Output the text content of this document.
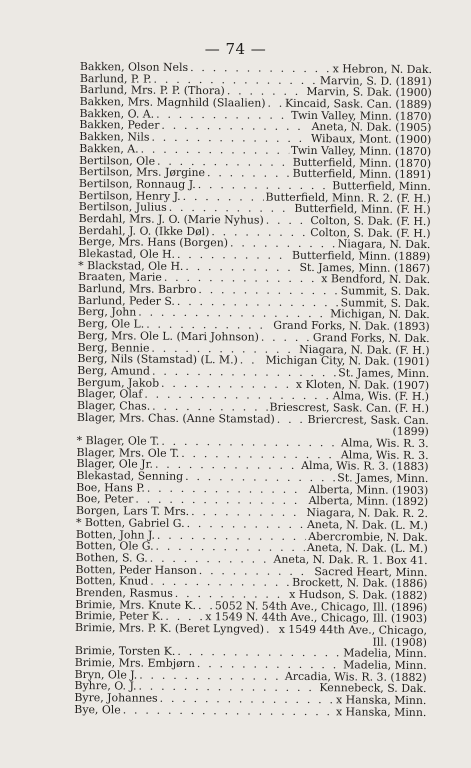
— 74 —
Bakken, Olson Nels . . .	x Hebron, N. Dak.
Barlund, P. P. . . .	Marvin, S. D. (1891)
Barlund, Mrs. P. P. (Thora) . . .	Marvin, S. Dak. (1900)
Bakken, Mrs. Magnhild (Slaalien) . . . Kincaid, Sask. Can. (1889)
Bakken, O. A. . . .	Twin Valley, Minn. (1870)
Bakken, Peder . . .	Aneta, N. Dak. (1905)
Bakken, Nils . . .	Wibaux, Mont. (1900)
Bakken, A. . . .	Twin Valley, Minn. (1870)
Bertilson, Ole . . .	Butterfield, Minn. (1870)
Bertilson, Mrs. Jørgine . . .	Butterfield, Minn. (1891)
Bertilson, Ronnaug J. . . .	Butterfield, Minn.
Bertilson, Henry J. . . .	Butterfield, Minn. R. 2. (F. H.)
Bertilson, Julius . . .	Butterfield, Minn. (F. H.)
Berdahl, Mrs. J. O. (Marie Nyhus) . . .	Colton, S. Dak. (F. H.)
Berdahl, J. O. (Ikke Døl) . . .	Colton, S. Dak. (F. H.)
Berge, Mrs. Hans (Borgen) . . .	Niagara, N. Dak.
Blekastad, Ole H. . . .	Butterfield, Minn. (1889)
* Blackstad, Ole H. . . .	St. James, Minn. (1867)
Braaten, Marie . . .	x Bendford, N. Dak.
Barlund, Mrs. Barbro . . .	Summit, S. Dak.
Barlund, Peder S. . . .	Summit, S. Dak.
Berg, John . . .	Michigan, N. Dak.
Berg, Ole L. . . .	Grand Forks, N. Dak. (1893)
Berg, Mrs. Ole L. (Mari Johnson) . . .	Grand Forks, N. Dak.
Berg, Bennie . . .	Niagara, N. Dak. (F. H.)
Berg, Nils (Stamstad) (L. M.) . . .	Michigan City, N. Dak. (1901)
Berg, Amund . . .	St. James, Minn.
Bergum, Jakob . . .	x Kloten, N. Dak. (1907)
Blager, Olaf . . .	Alma, Wis. (F. H.)
Blager, Chas. . . .	Briescrest, Sask. Can. (F. H.)
Blager, Mrs. Chas. (Anne Stamstad) . . .	Briercrest, Sask. Can.
(1899)
* Blager, Ole T. . . .	Alma, Wis. R. 3.
Blager, Mrs. Ole T. . . .	Alma, Wis. R. 3.
Blager, Ole Jr. . . .	Alma, Wis. R. 3. (1883)
Blekastad, Senning . . .	St. James, Minn.
Boe, Hans P. . . .	Alberta, Minn. (1903)
Boe, Peter . . .	Alberta, Minn. (1892)
Borgen, Lars T. Mrs. . . .	Niagara, N. Dak. R. 2.
* Botten, Gabriel G. . . .	Aneta, N. Dak. (L. M.)
Botten, John J. . . .	Abercrombie, N. Dak.
Botten, Ole G. . . .	Aneta, N. Dak. (L. M.)
Bothen, S. G. . . .	Aneta, N. Dak. R. 1. Box 41.
Botten, Peder Hanson . . .	Sacred Heart, Minn.
Botten, Knud . . .	Brockett, N. Dak. (1886)
Brenden, Rasmus . . .	x Hudson, S. Dak. (1882)
Brimie, Mrs. Knute K. . . . 5052 N. 54th Ave., Chicago, Ill. (1896)
Brimie, Peter K. . . .	x 1549 N. 44th Ave., Chicago, Ill. (1903)
Brimie, Mrs. P. K. (Beret Lyngved) . . . x 1549 44th Ave., Chicago,
Ill. (1908)
Brimie, Torsten K. . . .	Madelia, Minn.
Brimie, Mrs. Embjørn . . .	Madelia, Minn.
Bryn, Ole J. . . .	Arcadia, Wis. R. 3. (1882)
Byhre, O. J. . . .	Kennebeck, S. Dak.
Byre, Johannes . . .	x Hanska, Minn.
Bye, Ole . . .	x Hanska, Minn.
